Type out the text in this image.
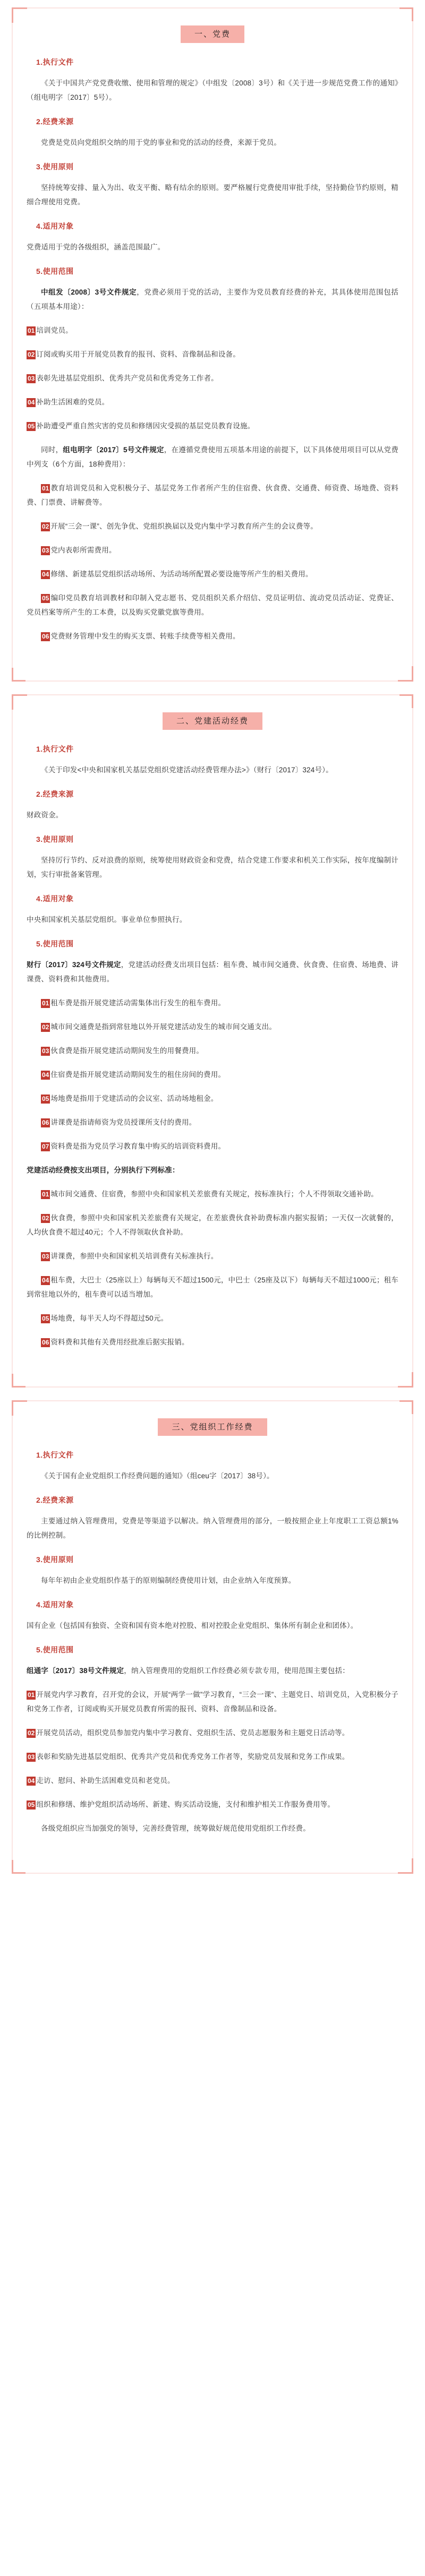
一、党费
1.执行文件

《关于中国共产党党费收缴、使用和管理的规定》（中组发〔2008〕3号）和《关于进一步规范党费工作的通知》（组电明字〔2017〕5号）。

2.经费来源

党费是党员向党组织交纳的用于党的事业和党的活动的经费，来源于党员。

3.使用原则

坚持统筹安排、量入为出、收支平衡、略有结余的原则。要严格履行党费使用审批手续，坚持勤俭节约原则，精细合理使用党费。

4.适用对象

党费适用于党的各级组织，涵盖范围最广。

5.使用范围

中组发〔2008〕3号文件规定，党费必须用于党的活动，主要作为党员教育经费的补充，其具体使用范围包括（五项基本用途）：

01 培训党员。

02 订阅或购买用于开展党员教育的报刊、资料、音像制品和设备。

03 表彰先进基层党组织、优秀共产党员和优秀党务工作者。

04 补助生活困难的党员。

05 补助遭受严重自然灾害的党员和修缮因灾受损的基层党员教育设施。

同时，组电明字〔2017〕5号文件规定，在遵循党费使用五项基本用途的前提下，以下具体使用项目可以从党费中列支（6个方面，18种费用）：

01 教育培训党员和入党积极分子、基层党务工作者所产生的住宿费、伙食费、交通费、师资费、场地费、资料费、门票费、讲解费等。

02 开展“三会一课”、创先争优、党组织换届以及党内集中学习教育所产生的会议费等。

03 党内表彰所需费用。

04 修缮、新建基层党组织活动场所、为活动场所配置必要设施等所产生的相关费用。

05 编印党员教育培训教材和印制入党志愿书、党员组织关系介绍信、党员证明信、流动党员活动证、党费证、党员档案等所产生的工本费，以及购买党徽党旗等费用。

06 党费财务管理中发生的购买支票、转账手续费等相关费用。

二、党建活动经费
1.执行文件

《关于印发<中央和国家机关基层党组织党建活动经费管理办法>》（财行〔2017〕324号）。

2.经费来源

财政资金。

3.使用原则

坚持厉行节约、反对浪费的原则，统筹使用财政资金和党费，结合党建工作要求和机关工作实际，按年度编制计划，实行审批备案管理。

4.适用对象

中央和国家机关基层党组织。事业单位参照执行。

5.使用范围

财行〔2017〕324号文件规定，党建活动经费支出项目包括：租车费、城市间交通费、伙食费、住宿费、场地费、讲课费、资料费和其他费用。

01 租车费是指开展党建活动需集体出行发生的租车费用。

02 城市间交通费是指到常驻地以外开展党建活动发生的城市间交通支出。

03 伙食费是指开展党建活动期间发生的用餐费用。

04 住宿费是指开展党建活动期间发生的租住房间的费用。

05 场地费是指用于党建活动的会议室、活动场地租金。

06 讲课费是指请师资为党员授课所支付的费用。

07 资料费是指为党员学习教育集中购买的培训资料费用。

党建活动经费按支出项目，分别执行下列标准：

01 城市间交通费、住宿费，参照中央和国家机关差旅费有关规定，按标准执行；个人不得领取交通补助。

02 伙食费，参照中央和国家机关差旅费有关规定，在差旅费伙食补助费标准内据实报销；一天仅一次就餐的，人均伙食费不超过40元；个人不得领取伙食补助。

03 讲课费，参照中央和国家机关培训费有关标准执行。

04 租车费，大巴士（25座以上）每辆每天不超过1500元，中巴士（25座及以下）每辆每天不超过1000元；租车到常驻地以外的，租车费可以适当增加。

05 场地费，每半天人均不得超过50元。

06 资料费和其他有关费用经批准后据实报销。

三、党组织工作经费
1.执行文件

《关于国有企业党组织工作经费问题的通知》（组ceu字〔2017〕38号）。

2.经费来源

主要通过纳入管理费用，党费是等渠道予以解决。纳入管理费用的部分，一般按照企业上年度职工工资总额1%的比例控制。

3.使用原则

每年年初由企业党组织作基于的原则编制经费使用计划，由企业纳入年度预算。

4.适用对象

国有企业（包括国有独资、全资和国有资本绝对控股、相对控股企业党组织、集体所有制企业和团体）。

5.使用范围

组通字〔2017〕38号文件规定，纳入管理费用的党组织工作经费必须专款专用，使用范围主要包括：

01 开展党内学习教育，召开党的会议，开展“两学一做”学习教育，“三会一课”、主题党日、培训党员，入党积极分子和党务工作者，订阅或购买开展党员教育所需的报刊、资料、音像制品和设备。

02 开展党员活动，组织党员参加党内集中学习教育、党组织生活、党员志愿服务和主题党日活动等。

03 表彰和奖励先进基层党组织、优秀共产党员和优秀党务工作者等，奖励党员发展和党务工作成果。

04 走访、慰问、补助生活困难党员和老党员。

05 组织和修缮、维护党组织活动场所、新建、购买活动设施，支付和维护相关工作服务费用等。

各级党组织应当加强党的领导，完善经费管理，统筹做好规范使用党组织工作经费。
